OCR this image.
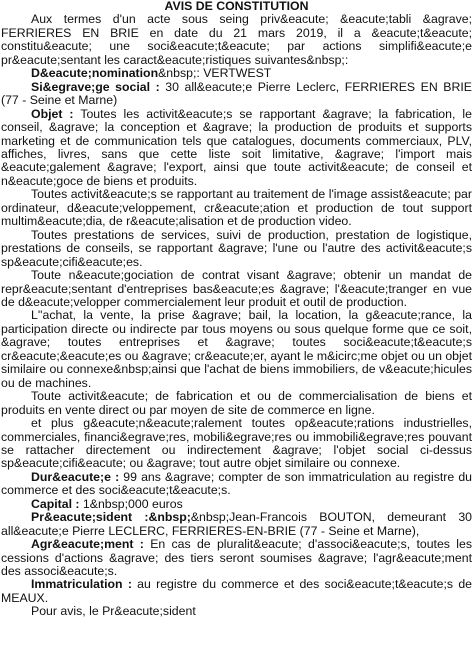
AVIS DE CONSTITUTION

Aux termes d'un acte sous seing priv&eacute; &eacute;tabli &agrave; FERRIERES EN BRIE en date du 21 mars 2019, il a &eacute;t&eacute; constitu&eacute; une soci&eacute;t&eacute; par actions simplifi&eacute;e pr&eacute;sentant les caract&eacute;ristiques suivantes&nbsp;:

D&eacute;nomination&nbsp;: VERTWEST

Si&egrave;ge social : 30 all&eacute;e Pierre Leclerc, FERRIERES EN BRIE (77 - Seine et Marne)

Objet : Toutes les activit&eacute;s se rapportant &agrave; la fabrication, le conseil, &agrave; la conception et &agrave; la production de produits et supports marketing et de communication tels que catalogues, documents commerciaux, PLV, affiches, livres, sans que cette liste soit limitative, &agrave; l'import mais &eacute;galement &agrave; l'export, ainsi que toute activit&eacute; de conseil et n&eacute;goce de biens et produits.

Toutes activit&eacute;s se rapportant au traitement de l'image assist&eacute; par ordinateur, d&eacute;veloppement, cr&eacute;ation et production de tout support multim&eacute;dia, de r&eacute;alisation et de production video.

Toutes prestations de services, suivi de production, prestation de logistique, prestations de conseils, se rapportant &agrave; l'une ou l'autre des activit&eacute;s sp&eacute;cifi&eacute;es.

Toute n&eacute;gociation de contrat visant &agrave; obtenir un mandat de repr&eacute;sentant d'entreprises bas&eacute;es &agrave; l'&eacute;tranger en vue de d&eacute;velopper commercialement leur produit et outil de production.

L''achat, la vente, la prise &agrave; bail, la location, la g&eacute;rance, la participation directe ou indirecte par tous moyens ou sous quelque forme que ce soit, &agrave; toutes entreprises et &agrave; toutes soci&eacute;t&eacute;s cr&eacute;&eacute;es ou &agrave; cr&eacute;er, ayant le m&icirc;me objet ou un objet similaire ou connexe&nbsp;ainsi que l'achat de biens immobiliers, de v&eacute;hicules ou de machines.

Toute activit&eacute; de fabrication et ou de commercialisation de biens et produits en vente direct ou par moyen de site de commerce en ligne.

et plus g&eacute;n&eacute;ralement toutes op&eacute;rations industrielles, commerciales, financi&egrave;res, mobili&egrave;res ou immobili&egrave;res pouvant se rattacher directement ou indirectement &agrave; l'objet social ci-dessus sp&eacute;cifi&eacute; ou &agrave; tout autre objet similaire ou connexe.

Dur&eacute;e : 99 ans &agrave; compter de son immatriculation au registre du commerce et des soci&eacute;t&eacute;s.

Capital : 1&nbsp;000 euros

Pr&eacute;sident :&nbsp;&nbsp;Jean-Francois BOUTON, demeurant 30 all&eacute;e Pierre LECLERC, FERRIERES-EN-BRIE (77 - Seine et Marne),

Agr&eacute;ment : En cas de pluralit&eacute; d'associ&eacute;s, toutes les cessions d'actions &agrave; des tiers seront soumises &agrave; l'agr&eacute;ment des associ&eacute;s.

Immatriculation : au registre du commerce et des soci&eacute;t&eacute;s de MEAUX.

Pour avis, le Pr&eacute;sident
